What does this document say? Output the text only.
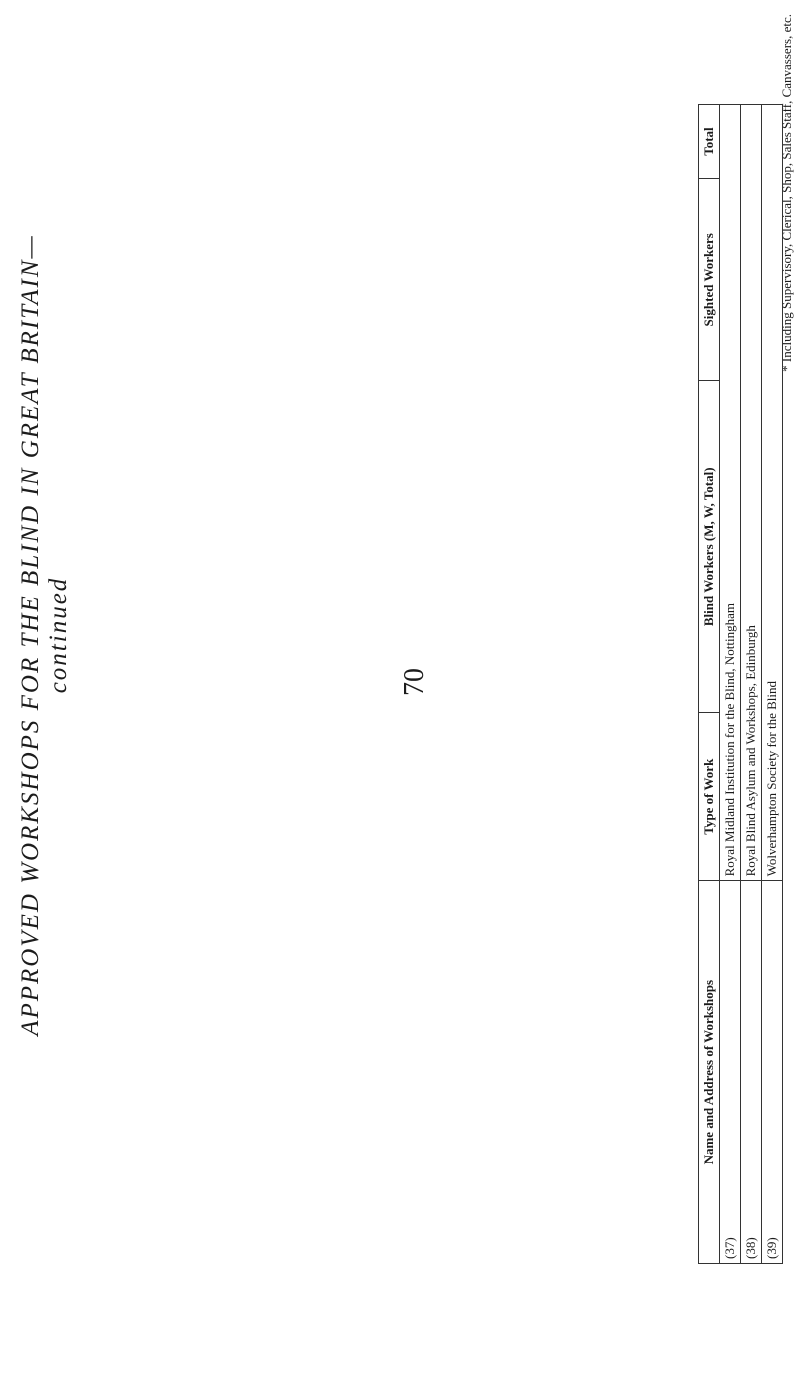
APPROVED WORKSHOPS FOR THE BLIND IN GREAT BRITAIN—continued	70
* Including Supervisory, Clerical, Shop, Sales Staff, Canvassers, etc.
Name and Address of Workshops	Type of Work	Blind Workers (M, W, Total)	Sighted Workers	Total
(37)	Royal Midland Institution for the Blind, Nottingham			
(38)	Royal Blind Asylum and Workshops, Edinburgh			
(39)	Wolverhampton Society for the Blind			
